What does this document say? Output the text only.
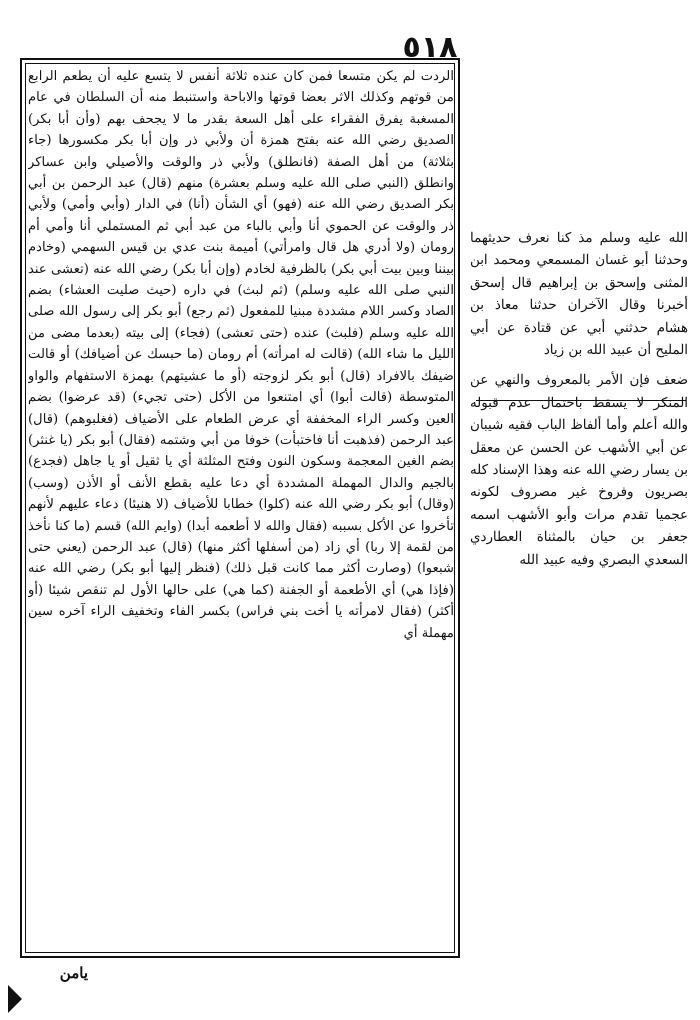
٥١٨

الردت لم يكن متسعا فمن كان عنده ثلاثة أنفس لا يتسع عليه أن يطعم الرابع من قوتهم وكذلك الاثر بعضا قوتها والاباحة واستنبط منه أن السلطان في عام المسغبة يفرق الفقراء على أهل السعة بقدر ما لا يجحف بهم (وأن أبا بكر) الصديق رضي الله عنه بفتح همزة أن ولأبي ذر وإن أبا بكر مكسورها (جاء بثلاثة) من أهل الصفة (فانطلق) ولأبي ذر والوقت والأصيلي وابن عساكر وانطلق (النبي صلى الله عليه وسلم بعشرة) منهم (قال) عبد الرحمن بن أبي بكر الصديق رضي الله عنه (فهو) أي الشأن (أنا) في الدار (وأبي وأمي) ولأبي ذر والوقت عن الحموي أنا وأبي بالباء من عبد أبي ثم المستملي أنا وأمي أم رومان (ولا أدري هل قال وامرأتي) أميمة بنت عدي بن قيس السهمي (وخادم بيننا وبين بيت أبي بكر) بالظرفية لخادم (وإن أبا بكر) رضي الله عنه (تعشى عند النبي صلى الله عليه وسلم) (ثم لبث) في داره (حيث صليت العشاء) بضم الصاد وكسر اللام مشددة مبنيا للمفعول (ثم رجع) أبو بكر إلى رسول الله صلى الله عليه وسلم (فلبث) عنده (حتى تعشى) (فجاء) إلى بيته (بعدما مضى من الليل ما شاء الله) (قالت له امرأته) أم رومان (ما حبسك عن أضيافك) أو قالت ضيفك بالافراد (قال) أبو بكر لزوجته (أو ما عشيتهم) بهمزة الاستفهام والواو المتوسطة (قالت أبوا) أي امتنعوا من الأكل (حتى تجيء) (قد عرضوا) بضم العين وكسر الراء المخففة أي عرض الطعام على الأضياف (فغلبوهم) (قال) عبد الرحمن (فذهبت أنا فاختبأت) خوفا من أبي وشتمه (فقال) أبو بكر (يا غنثر) بضم الغين المعجمة وسكون النون وفتح المثلثة أي يا ثقيل أو يا جاهل (فجدع) بالجيم والدال المهملة المشددة أي دعا عليه بقطع الأنف أو الأذن (وسب) (وقال) أبو بكر رضي الله عنه (كلوا) خطابا للأضياف (لا هنيئا) دعاء عليهم لأنهم تأخروا عن الأكل بسببه (فقال والله لا أطعمه أبدا) (وايم الله) قسم (ما كنا نأخذ من لقمة إلا ربا) أي زاد (من أسفلها أكثر منها) (قال) عبد الرحمن (يعني حتى شبعوا) (وصارت أكثر مما كانت قبل ذلك) (فنظر إليها أبو بكر) رضي الله عنه (فإذا هي) أي الأطعمة أو الجفنة (كما هي) على حالها الأول لم تنقص شيئا (أو أكثر) (فقال لامرأته يا أخت بني فراس) بكسر الفاء وتخفيف الراء آخره سين مهملة أي

الله عليه وسلم مذ كنا نعرف حديثهما وحدثنا أبو غسان المسمعي ومحمد ابن المثنى وإسحق بن إبراهيم قال إسحق أخبرنا وقال الآخران حدثنا معاذ بن هشام حدثني أبي عن قتادة عن أبي المليح أن عبيد الله بن زياد

ضعف فإن الأمر بالمعروف والنهي عن المنكر لا يسقط باحتمال عدم قبوله والله أعلم وأما ألفاظ الباب فقيه شيبان عن أبي الأشهب عن الحسن عن معقل بن يسار رضي الله عنه وهذا الإسناد كله بصريون وفروخ غير مصروف لكونه عجميا تقدم مرات وأبو الأشهب اسمه جعفر بن حيان بالمثناة العطاردي السعدي البصري وفيه عبيد الله

يامن
